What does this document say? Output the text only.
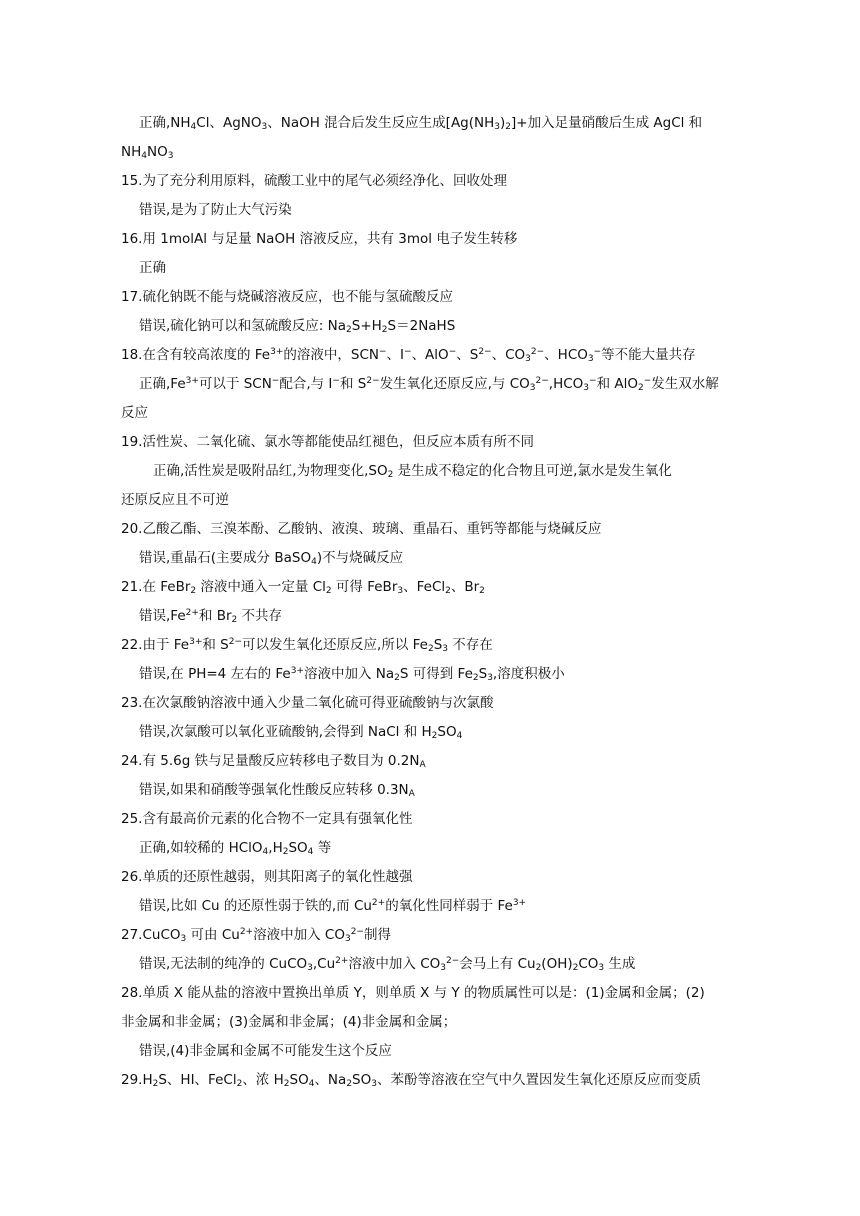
正确$,NH_4Cl$、AgNO$_3$、NaOH 混合后发生反应生成$[Ag(NH_3)_2]+$加入足量硝酸后生成 AgCl 和
$NH_4NO_3$
15.为了充分利用原料，硫酸工业中的尾气必须经净化、回收处理
错误,是为了防止大气污染
16.用 1molAl 与足量 NaOH 溶液反应，共有 3mol 电子发生转移
正确
17.硫化钠既不能与烧碱溶液反应，也不能与氢硫酸反应
错误,硫化钠可以和氢硫酸反应: $Na_2S+H_2S=2NaHS$
18.在含有较高浓度的 $Fe^{3+}$的溶液中，SCN−、I−、AlO−、$S^{2-}$、$CO_3^{2-}$、$HCO_3^-$等不能大量共存
正确$,Fe^{3+}$可以于 SCN−配合,与 I−和 $S^{2-}$发生氧化还原反应,与 $CO_3^{2-},HCO_3^-$和 AlO$_2$−发生双水解
反应
19.活性炭、二氧化硫、氯水等都能使品红褪色，但反应本质有所不同
正确,活性炭是吸附品红,为物理变化$,SO_2$ 是生成不稳定的化合物且可逆,氯水是发生氧化
还原反应且不可逆
20.乙酸乙酯、三溴苯酚、乙酸钠、液溴、玻璃、重晶石、重钙等都能与烧碱反应
错误,重晶石(主要成分 BaSO$_4$)不与烧碱反应
21.在 FeBr$_2$ 溶液中通入一定量 $Cl_2$ 可得 FeBr$_3$、FeCl$_2$、$Br_2$
错误$,Fe^{2+}$和 $Br_2$ 不共存
22.由于 $Fe^{3+}$和 $S^{2-}$可以发生氧化还原反应,所以 $Fe_2S_3$ 不存在
错误,在 PH=4 左右的 $Fe^{3+}$溶液中加入 $Na_2S$ 可得到 $Fe_2S_3$,溶度积极小
23.在次氯酸钠溶液中通入少量二氧化硫可得亚硫酸钠与次氯酸
错误,次氯酸可以氧化亚硫酸钠,会得到 NaCl 和 $H_2SO_4$
24.有 5.6g 铁与足量酸反应转移电子数目为 $0.2N_A$
错误,如果和硝酸等强氧化性酸反应转移 $0.3N_A$
25.含有最高价元素的化合物不一定具有强氧化性
正确,如较稀的 $HClO_4,H_2SO_4$ 等
26.单质的还原性越弱，则其阳离子的氧化性越强
错误,比如 Cu 的还原性弱于铁的,而 $Cu^{2+}$的氧化性同样弱于 $Fe^{3+}$
27.CuCO$_3$ 可由 $Cu^{2+}$溶液中加入 $CO_3^{2-}$制得
错误,无法制的纯净的 $CuCO_3,Cu^{2+}$溶液中加入 $CO_3^{2-}$会马上有 $Cu_2(OH)_2CO_3$ 生成
28.单质 X 能从盐的溶液中置换出单质 Y，则单质 X 与 Y 的物质属性可以是：(1)金属和金属；(2)
非金属和非金属；(3)金属和非金属；(4)非金属和金属；
错误,(4)非金属和金属不可能发生这个反应
$29.H_2S$、HI、FeCl$_2$、浓 $H_2SO_4$、$Na_2SO_3$、苯酚等溶液在空气中久置因发生氧化还原反应而变质
